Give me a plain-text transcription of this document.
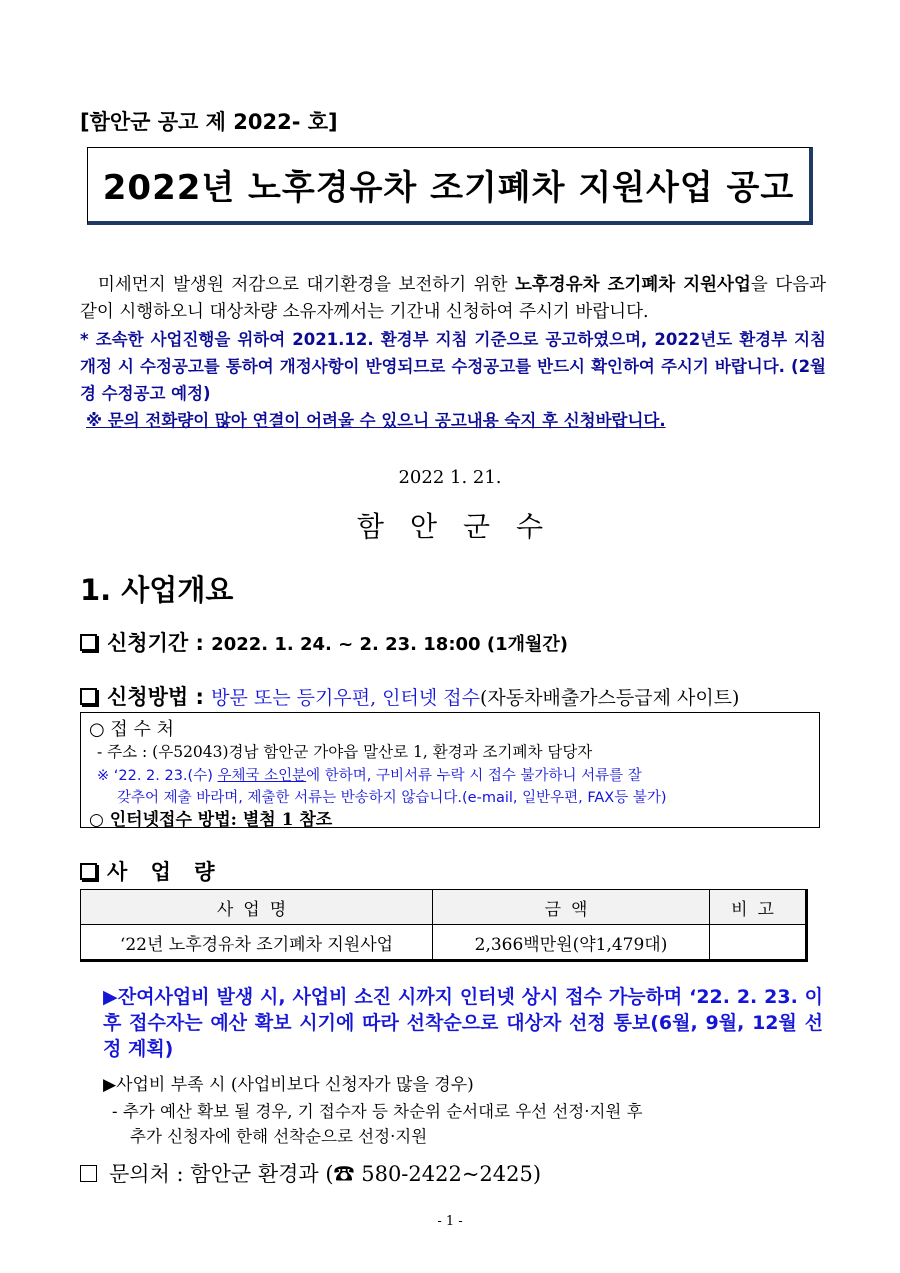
[함안군 공고 제 2022- 호]
2022년 노후경유차 조기폐차 지원사업 공고
미세먼지 발생원 저감으로 대기환경을 보전하기 위한 노후경유차 조기폐차 지원사업을 다음과 같이 시행하오니 대상차량 소유자께서는 기간내 신청하여 주시기 바랍니다.
* 조속한 사업진행을 위하여 2021.12. 환경부 지침 기준으로 공고하였으며, 2022년도 환경부 지침 개정 시 수정공고를 통하여 개정사항이 반영되므로 수정공고를 반드시 확인하여 주시기 바랍니다. (2월경 수정공고 예정)
※ 문의 전화량이 많아 연결이 어려울 수 있으니 공고내용 숙지 후 신청바랍니다.
2022 1. 21.
함안군수
1. 사업개요
신청기간 : 2022. 1. 24. ~ 2. 23. 18:00 (1개월간)
신청방법 : 방문 또는 등기우편, 인터넷 접수(자동차배출가스등급제 사이트)
○ 접 수 처
- 주소 : (우52043)경남 함안군 가야읍 말산로 1, 환경과 조기폐차 담당자
※ ‘22. 2. 23.(수) 우체국 소인분에 한하며, 구비서류 누락 시 접수 불가하니 서류를 잘
갖추어 제출 바라며, 제출한 서류는 반송하지 않습니다.(e-mail, 일반우편, FAX등 불가)
○ 인터넷접수 방법: 별첨 1 참조
사 업 량
사업명	금액	비고
‘22년 노후경유차 조기폐차 지원사업	2,366백만원(약1,479대)	
▶잔여사업비 발생 시, 사업비 소진 시까지 인터넷 상시 접수 가능하며 ‘22. 2. 23. 이후 접수자는 예산 확보 시기에 따라 선착순으로 대상자 선정 통보(6월, 9월, 12월 선정 계획)
▶사업비 부족 시 (사업비보다 신청자가 많을 경우)
- 추가 예산 확보 될 경우, 기 접수자 등 차순위 순서대로 우선 선정·지원 후
추가 신청자에 한해 선착순으로 선정·지원
문의처 : 함안군 환경과 (☎ 580-2422~2425)
- 1 -
